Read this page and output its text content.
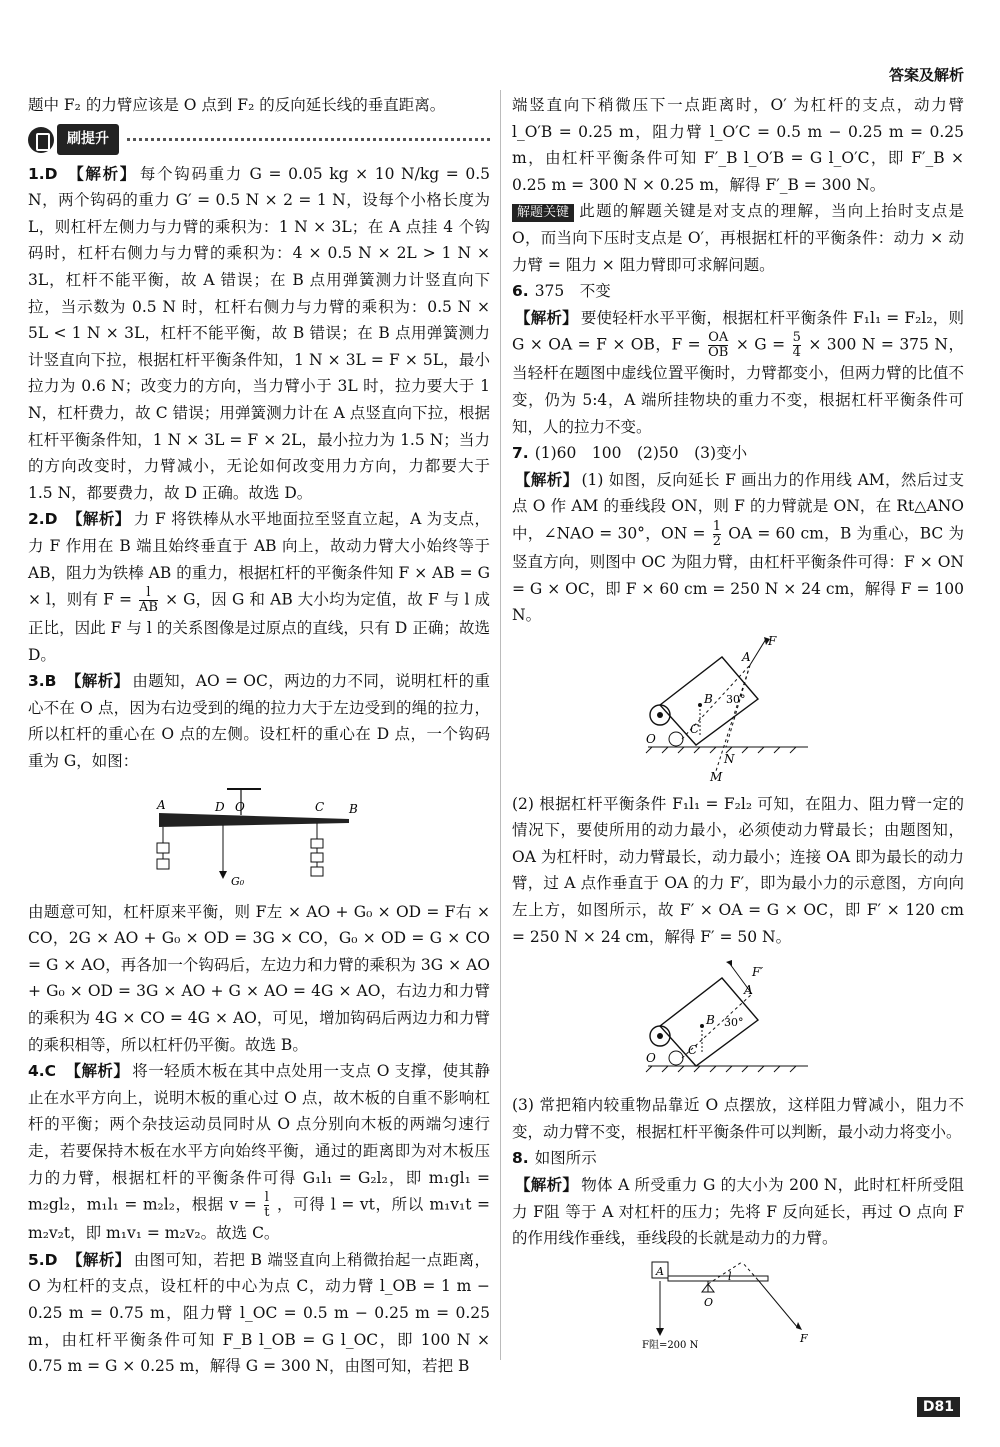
答案及解析

题中 F₂ 的力臂应该是 O 点到 F₂ 的反向延长线的垂直距离。

刷提升

1.D 【解析】 每个钩码重力 G = 0.05 kg × 10 N/kg = 0.5 N，两个钩码的重力 G′ = 0.5 N × 2 = 1 N，设每个小格长度为 L，则杠杆左侧力与力臂的乘积为：1 N × 3L；在 A 点挂 4 个钩码时，杠杆右侧力与力臂的乘积为：4 × 0.5 N × 2L > 1 N × 3L，杠杆不能平衡，故 A 错误；在 B 点用弹簧测力计竖直向下拉，当示数为 0.5 N 时，杠杆右侧力与力臂的乘积为：0.5 N × 5L < 1 N × 3L，杠杆不能平衡，故 B 错误；在 B 点用弹簧测力计竖直向下拉，根据杠杆平衡条件知，1 N × 3L = F × 5L，最小拉力为 0.6 N；改变力的方向，当力臂小于 3L 时，拉力要大于 1 N，杠杆费力，故 C 错误；用弹簧测力计在 A 点竖直向下拉，根据杠杆平衡条件知，1 N × 3L = F × 2L，最小拉力为 1.5 N；当力的方向改变时，力臂减小，无论如何改变用力方向，力都要大于 1.5 N，都要费力，故 D 正确。故选 D。

2.D 【解析】 力 F 将铁棒从水平地面拉至竖直立起，A 为支点，力 F 作用在 B 端且始终垂直于 AB 向上，故动力臂大小始终等于 AB，阻力为铁棒 AB 的重力，根据杠杆的平衡条件知 F × AB = G × l，则有 $F = \frac{l}{AB} \times G$，因 G 和 AB 大小均为定值，故 F 与 l 成正比，因此 F 与 l 的关系图像是过原点的直线，只有 D 正确；故选 D。

3.B 【解析】 由题知，AO = OC，两边的力不同，说明杠杆的重心不在 O 点，因为右边受到的绳的拉力大于左边受到的绳的拉力，所以杠杆的重心在 O 点的左侧。设杠杆的重心在 D 点，一个钩码重为 G，如图：

A	D O	C B
G₀

由题意可知，杠杆原来平衡，则 F左 × AO + G₀ × OD = F右 × CO，2G × AO + G₀ × OD = 3G × CO，G₀ × OD = G × CO = G × AO，再各加一个钩码后，左边力和力臂的乘积为 3G × AO + G₀ × OD = 3G × AO + G × AO = 4G × AO，右边力和力臂的乘积为 4G × CO = 4G × AO，可见，增加钩码后两边力和力臂的乘积相等，所以杠杆仍平衡。故选 B。

4.C 【解析】 将一轻质木板在其中点处用一支点 O 支撑，使其静止在水平方向上，说明木板的重心过 O 点，故木板的自重不影响杠杆的平衡；两个杂技运动员同时从 O 点分别向木板的两端匀速行走，若要保持木板在水平方向始终平衡，通过的距离即为对木板压力的力臂，根据杠杆的平衡条件可得 G₁l₁ = G₂l₂，即 m₁gl₁ = m₂gl₂，m₁l₁ = m₂l₂，根据 $v = \frac{l}{t}$ ，可得 l = vt，所以 m₁v₁t = m₂v₂t，即 m₁v₁ = m₂v₂。故选 C。

5.D 【解析】 由图可知，若把 B 端竖直向上稍微抬起一点距离，O 为杠杆的支点，设杠杆的中心为点 C，动力臂 l_OB = 1 m − 0.25 m = 0.75 m，阻力臂 l_OC = 0.5 m − 0.25 m = 0.25 m，由杠杆平衡条件可知 F_B l_OB = G l_OC，即 100 N × 0.75 m = G × 0.25 m，解得 G = 300 N，由图可知，若把 B

端竖直向下稍微压下一点距离时，O′ 为杠杆的支点，动力臂 l_O′B = 0.25 m，阻力臂 l_O′C = 0.5 m − 0.25 m = 0.25 m，由杠杆平衡条件可知 F′_B l_O′B = G l_O′C，即 F′_B × 0.25 m = 300 N × 0.25 m，解得 F′_B = 300 N。

解题关键 此题的解题关键是对支点的理解，当向上抬时支点是 O，而当向下压时支点是 O′，再根据杠杆的平衡条件：动力 × 动力臂 = 阻力 × 阻力臂即可求解问题。

6. 375　不变

【解析】 要使轻杆水平平衡，根据杠杆平衡条件 F₁l₁ = F₂l₂，则 G × OA = F × OB，$F = \frac{OA}{OB} \times G = \frac{5}{4} \times 300$ N = 375 N，当轻杆在题图中虚线位置平衡时，力臂都变小，但两力臂的比值不变，仍为 5:4，A 端所挂物块的重力不变，根据杠杆平衡条件可知，人的拉力不变。

7. (1)60　100　(2)50　(3)变小

【解析】 (1) 如图，反向延长 F 画出力的作用线 AM，然后过支点 O 作 AM 的垂线段 ON，则 F 的力臂就是 ON，在 Rt△ANO 中，∠NAO = 30°，ON = $\frac{1}{2}$ OA = 60 cm，B 为重心，BC 为竖直方向，则图中 OC 为阻力臂，由杠杆平衡条件可得：F × ON = G × OC，即 F × 60 cm = 250 N × 24 cm，解得 F = 100 N。

F
A
B 30°
O
C
N
M

(2) 根据杠杆平衡条件 F₁l₁ = F₂l₂ 可知，在阻力、阻力臂一定的情况下，要使所用的动力最小，必须使动力臂最长；由题图知，OA 为杠杆时，动力臂最长，动力最小；连接 OA 即为最长的动力臂，过 A 点作垂直于 OA 的力 F′，即为最小力的示意图，方向向左上方，如图所示，故 F′ × OA = G × OC，即 F′ × 120 cm = 250 N × 24 cm，解得 F′ = 50 N。

F′
A
B 30°
O
C

(3) 常把箱内较重物品靠近 O 点摆放，这样阻力臂减小，阻力不变，动力臂不变，根据杠杆平衡条件可以判断，最小动力将变小。

8. 如图所示

【解析】 物体 A 所受重力 G 的大小为 200 N，此时杠杆所受阻力 F阻 等于 A 对杠杆的压力；先将 F 反向延长，再过 O 点向 F 的作用线作垂线，垂线段的长就是动力的力臂。

A
O
l
F
F阻=200 N
D81
